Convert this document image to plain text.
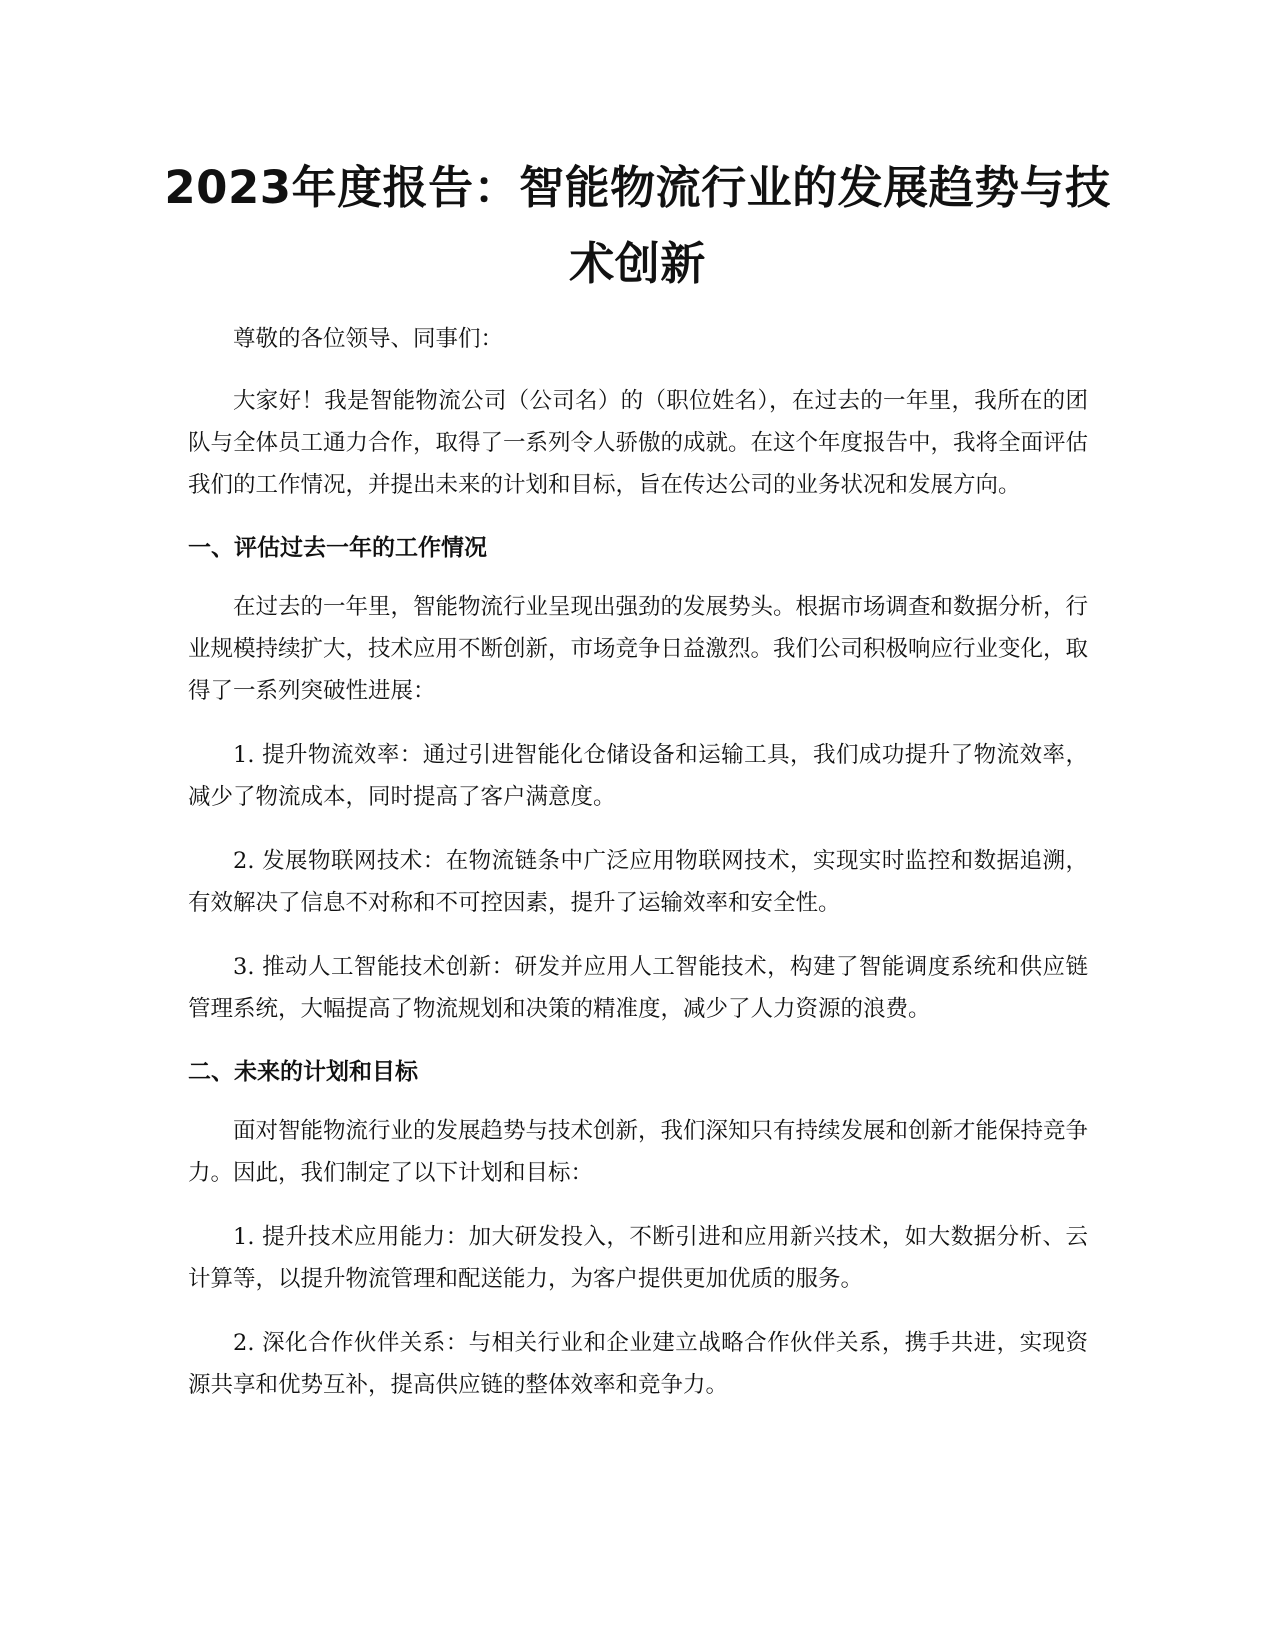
2023年度报告：智能物流行业的发展趋势与技术创新

尊敬的各位领导、同事们：

大家好！我是智能物流公司（公司名）的（职位姓名），在过去的一年里，我所在的团队与全体员工通力合作，取得了一系列令人骄傲的成就。在这个年度报告中，我将全面评估我们的工作情况，并提出未来的计划和目标，旨在传达公司的业务状况和发展方向。

一、评估过去一年的工作情况

在过去的一年里，智能物流行业呈现出强劲的发展势头。根据市场调查和数据分析，行业规模持续扩大，技术应用不断创新，市场竞争日益激烈。我们公司积极响应行业变化，取得了一系列突破性进展：

1. 提升物流效率：通过引进智能化仓储设备和运输工具，我们成功提升了物流效率，减少了物流成本，同时提高了客户满意度。

2. 发展物联网技术：在物流链条中广泛应用物联网技术，实现实时监控和数据追溯，有效解决了信息不对称和不可控因素，提升了运输效率和安全性。

3. 推动人工智能技术创新：研发并应用人工智能技术，构建了智能调度系统和供应链管理系统，大幅提高了物流规划和决策的精准度，减少了人力资源的浪费。

二、未来的计划和目标

面对智能物流行业的发展趋势与技术创新，我们深知只有持续发展和创新才能保持竞争力。因此，我们制定了以下计划和目标：

1. 提升技术应用能力：加大研发投入，不断引进和应用新兴技术，如大数据分析、云计算等，以提升物流管理和配送能力，为客户提供更加优质的服务。

2. 深化合作伙伴关系：与相关行业和企业建立战略合作伙伴关系，携手共进，实现资源共享和优势互补，提高供应链的整体效率和竞争力。
